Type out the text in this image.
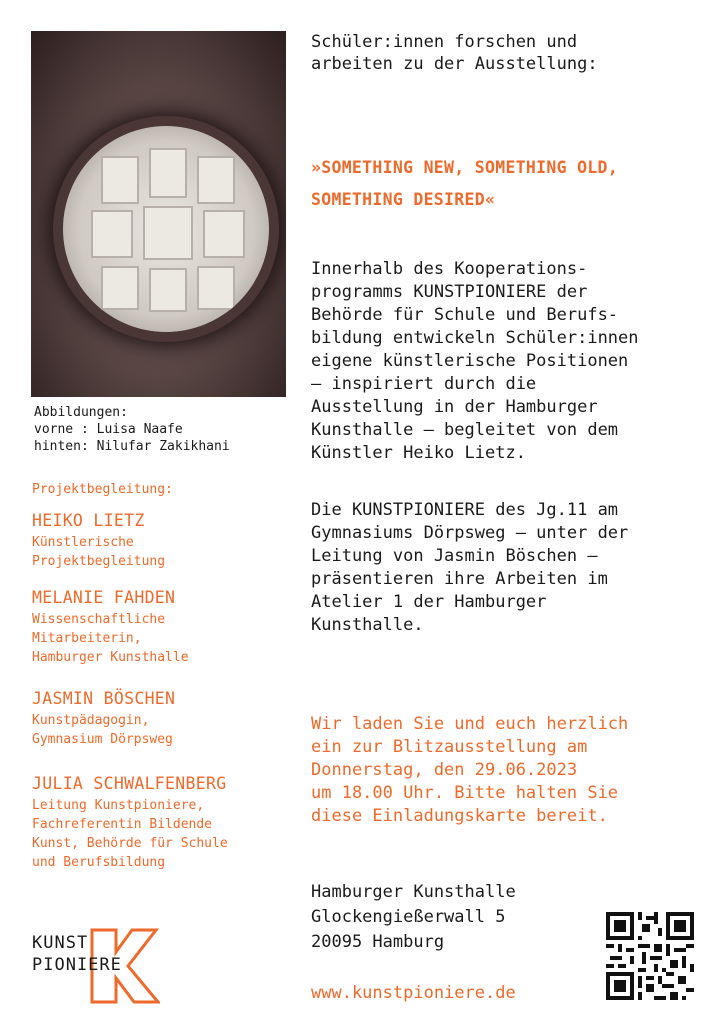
Abbildungen:
vorne : Luisa Naafe
hinten: Nilufar Zakikhani
Projektbegleitung:
HEIKO LIETZ
Künstlerische
Projektbegleitung
MELANIE FAHDEN
Wissenschaftliche
Mitarbeiterin,
Hamburger Kunsthalle
JASMIN BÖSCHEN
Kunstpädagogin,
Gymnasium Dörpsweg
JULIA SCHWALFENBERG
Leitung Kunstpioniere,
Fachreferentin Bildende
Kunst, Behörde für Schule
und Berufsbildung
KUNST
PIONIERE
Schüler:innen forschen und
arbeiten zu der Ausstellung:
»SOMETHING NEW, SOMETHING OLD,
SOMETHING DESIRED«
Innerhalb des Kooperations-
programms KUNSTPIONIERE der
Behörde für Schule und Berufs-
bildung entwickeln Schüler:innen
eigene künstlerische Positionen
– inspiriert durch die
Ausstellung in der Hamburger
Kunsthalle – begleitet von dem
Künstler Heiko Lietz.
Die KUNSTPIONIERE des Jg.11 am
Gymnasiums Dörpsweg – unter der
Leitung von Jasmin Böschen –
präsentieren ihre Arbeiten im
Atelier 1 der Hamburger
Kunsthalle.
Wir laden Sie und euch herzlich
ein zur Blitzausstellung am
Donnerstag, den 29.06.2023
um 18.00 Uhr. Bitte halten Sie
diese Einladungskarte bereit.
Hamburger Kunsthalle
Glockengießerwall 5
20095 Hamburg
www.kunstpioniere.de
